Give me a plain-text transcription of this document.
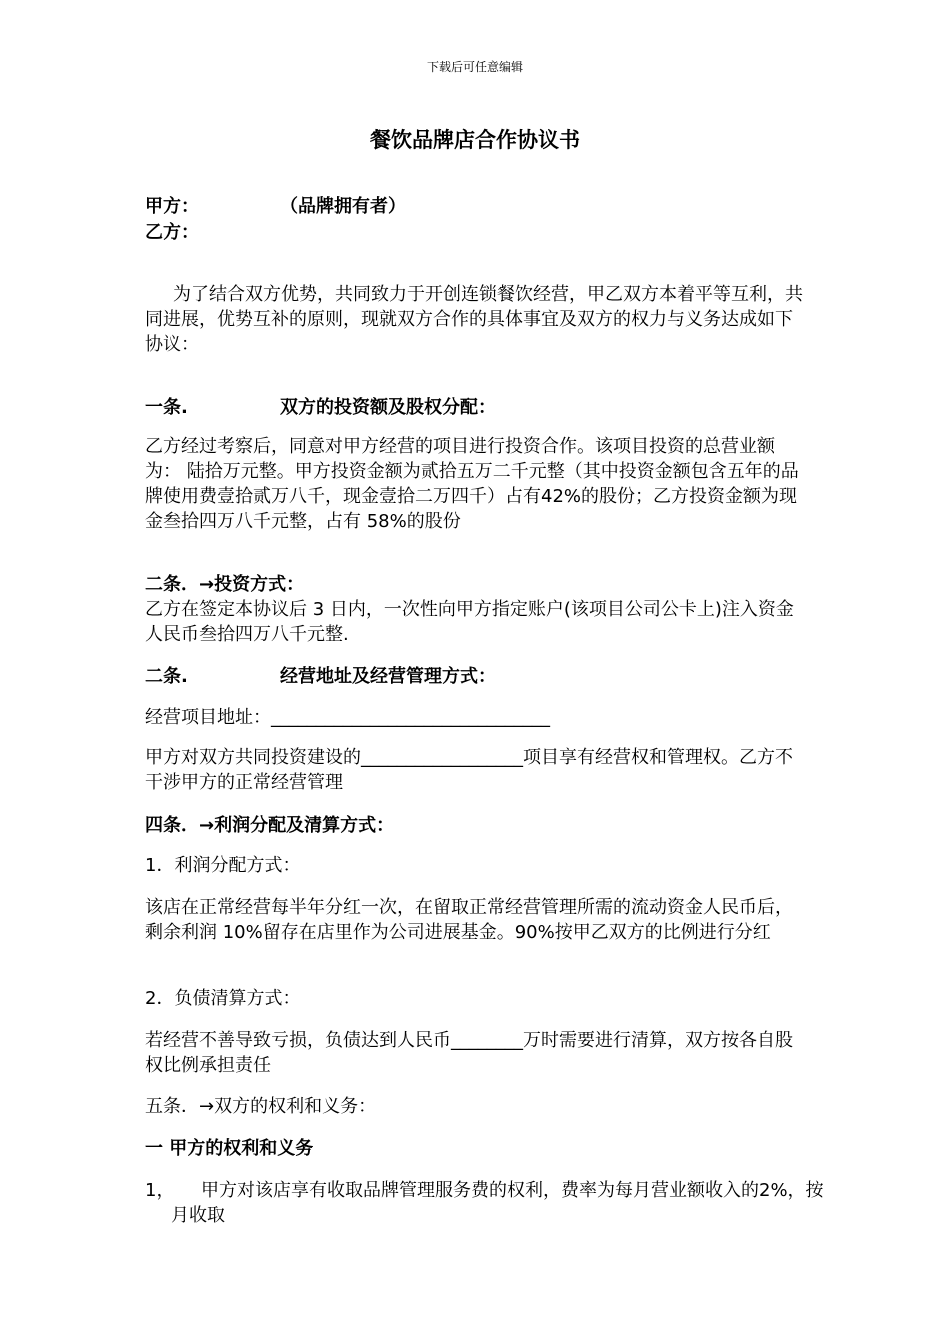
下载后可任意编辑
餐饮品牌店合作协议书
甲方：	（品牌拥有者）
乙方：
为了结合双方优势，共同致力于开创连锁餐饮经营，甲乙双方本着平等互利，共同进展，优势互补的原则，现就双方合作的具体事宜及双方的权力与义务达成如下协议：
一条.	双方的投资额及股权分配：
乙方经过考察后，同意对甲方经营的项目进行投资合作。该项目投资的总营业额为： 陆拾万元整。甲方投资金额为贰拾五万二千元整（其中投资金额包含五年的品牌使用费壹拾贰万八千，现金壹拾二万四千）占有42%的股份；乙方投资金额为现金叁拾四万八千元整，占有 58%的股份
二条．→投资方式：
乙方在签定本协议后 3 日内，一次性向甲方指定账户(该项目公司公卡上)注入资金 人民币叁拾四万八千元整.
二条.	经营地址及经营管理方式：
经营项目地址：_______________________________
甲方对双方共同投资建设的__________________项目享有经营权和管理权。乙方不干涉甲方的正常经营管理
四条．→利润分配及清算方式：
1．利润分配方式：
该店在正常经营每半年分红一次，在留取正常经营管理所需的流动资金人民币后，剩余利润 10%留存在店里作为公司进展基金。90%按甲乙双方的比例进行分红
2．负债清算方式：
若经营不善导致亏损，负债达到人民币________万时需要进行清算，双方按各自股权比例承担责任
五条．→双方的权利和义务：
一 甲方的权利和义务
1， 甲方对该店享有收取品牌管理服务费的权利，费率为每月营业额收入的2%，按月收取
